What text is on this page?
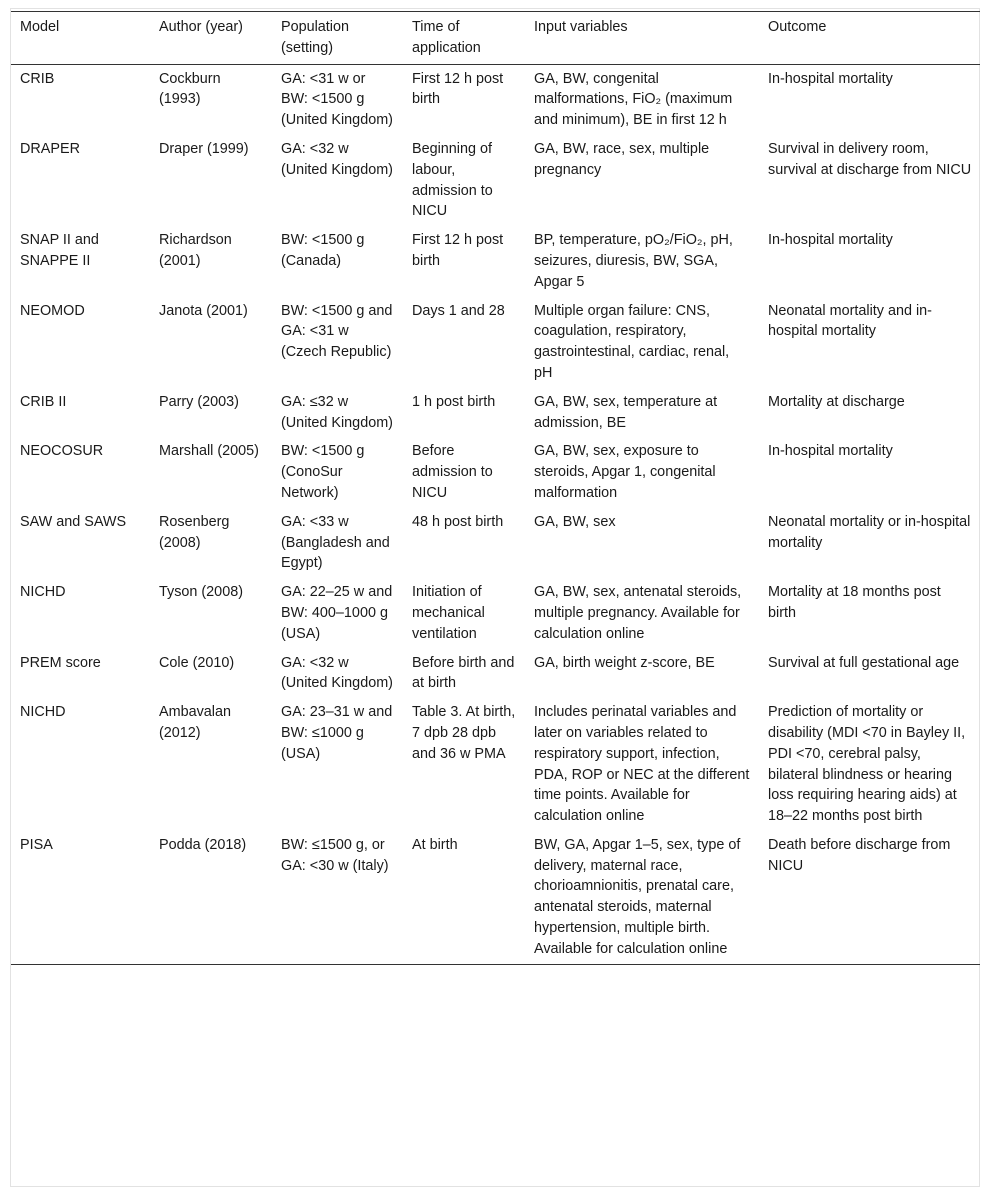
Model	Author (year)	Population (setting)	Time of application	Input variables	Outcome
CRIB	Cockburn (1993)	GA: <31 w or BW: <1500 g (United Kingdom)	First 12 h post birth	GA, BW, congenital malformations, FiO₂ (maximum and minimum), BE in first 12 h	In-hospital mortality
DRAPER	Draper (1999)	GA: <32 w (United Kingdom)	Beginning of labour, admission to NICU	GA, BW, race, sex, multiple pregnancy	Survival in delivery room, survival at discharge from NICU
SNAP II and SNAPPE II	Richardson (2001)	BW: <1500 g (Canada)	First 12 h post birth	BP, temperature, pO₂/FiO₂, pH, seizures, diuresis, BW, SGA, Apgar 5	In-hospital mortality
NEOMOD	Janota (2001)	BW: <1500 g and GA: <31 w (Czech Republic)	Days 1 and 28	Multiple organ failure: CNS, coagulation, respiratory, gastrointestinal, cardiac, renal, pH	Neonatal mortality and in-hospital mortality
CRIB II	Parry (2003)	GA: ≤32 w (United Kingdom)	1 h post birth	GA, BW, sex, temperature at admission, BE	Mortality at discharge
NEOCOSUR	Marshall (2005)	BW: <1500 g (ConoSur Network)	Before admission to NICU	GA, BW, sex, exposure to steroids, Apgar 1, congenital malformation	In-hospital mortality
SAW and SAWS	Rosenberg (2008)	GA: <33 w (Bangladesh and Egypt)	48 h post birth	GA, BW, sex	Neonatal mortality or in-hospital mortality
NICHD	Tyson (2008)	GA: 22–25 w and BW: 400–1000 g (USA)	Initiation of mechanical ventilation	GA, BW, sex, antenatal steroids, multiple pregnancy. Available for calculation online	Mortality at 18 months post birth
PREM score	Cole (2010)	GA: <32 w (United Kingdom)	Before birth and at birth	GA, birth weight z-score, BE	Survival at full gestational age
NICHD	Ambavalan (2012)	GA: 23–31 w and BW: ≤1000 g (USA)	Table 3. At birth, 7 dpb 28 dpb and 36 w PMA	Includes perinatal variables and later on variables related to respiratory support, infection, PDA, ROP or NEC at the different time points. Available for calculation online	Prediction of mortality or disability (MDI <70 in Bayley II, PDI <70, cerebral palsy, bilateral blindness or hearing loss requiring hearing aids) at 18–22 months post birth
PISA	Podda (2018)	BW: ≤1500 g, or GA: <30 w (Italy)	At birth	BW, GA, Apgar 1–5, sex, type of delivery, maternal race, chorioamnionitis, prenatal care, antenatal steroids, maternal hypertension, multiple birth. Available for calculation online	Death before discharge from NICU
